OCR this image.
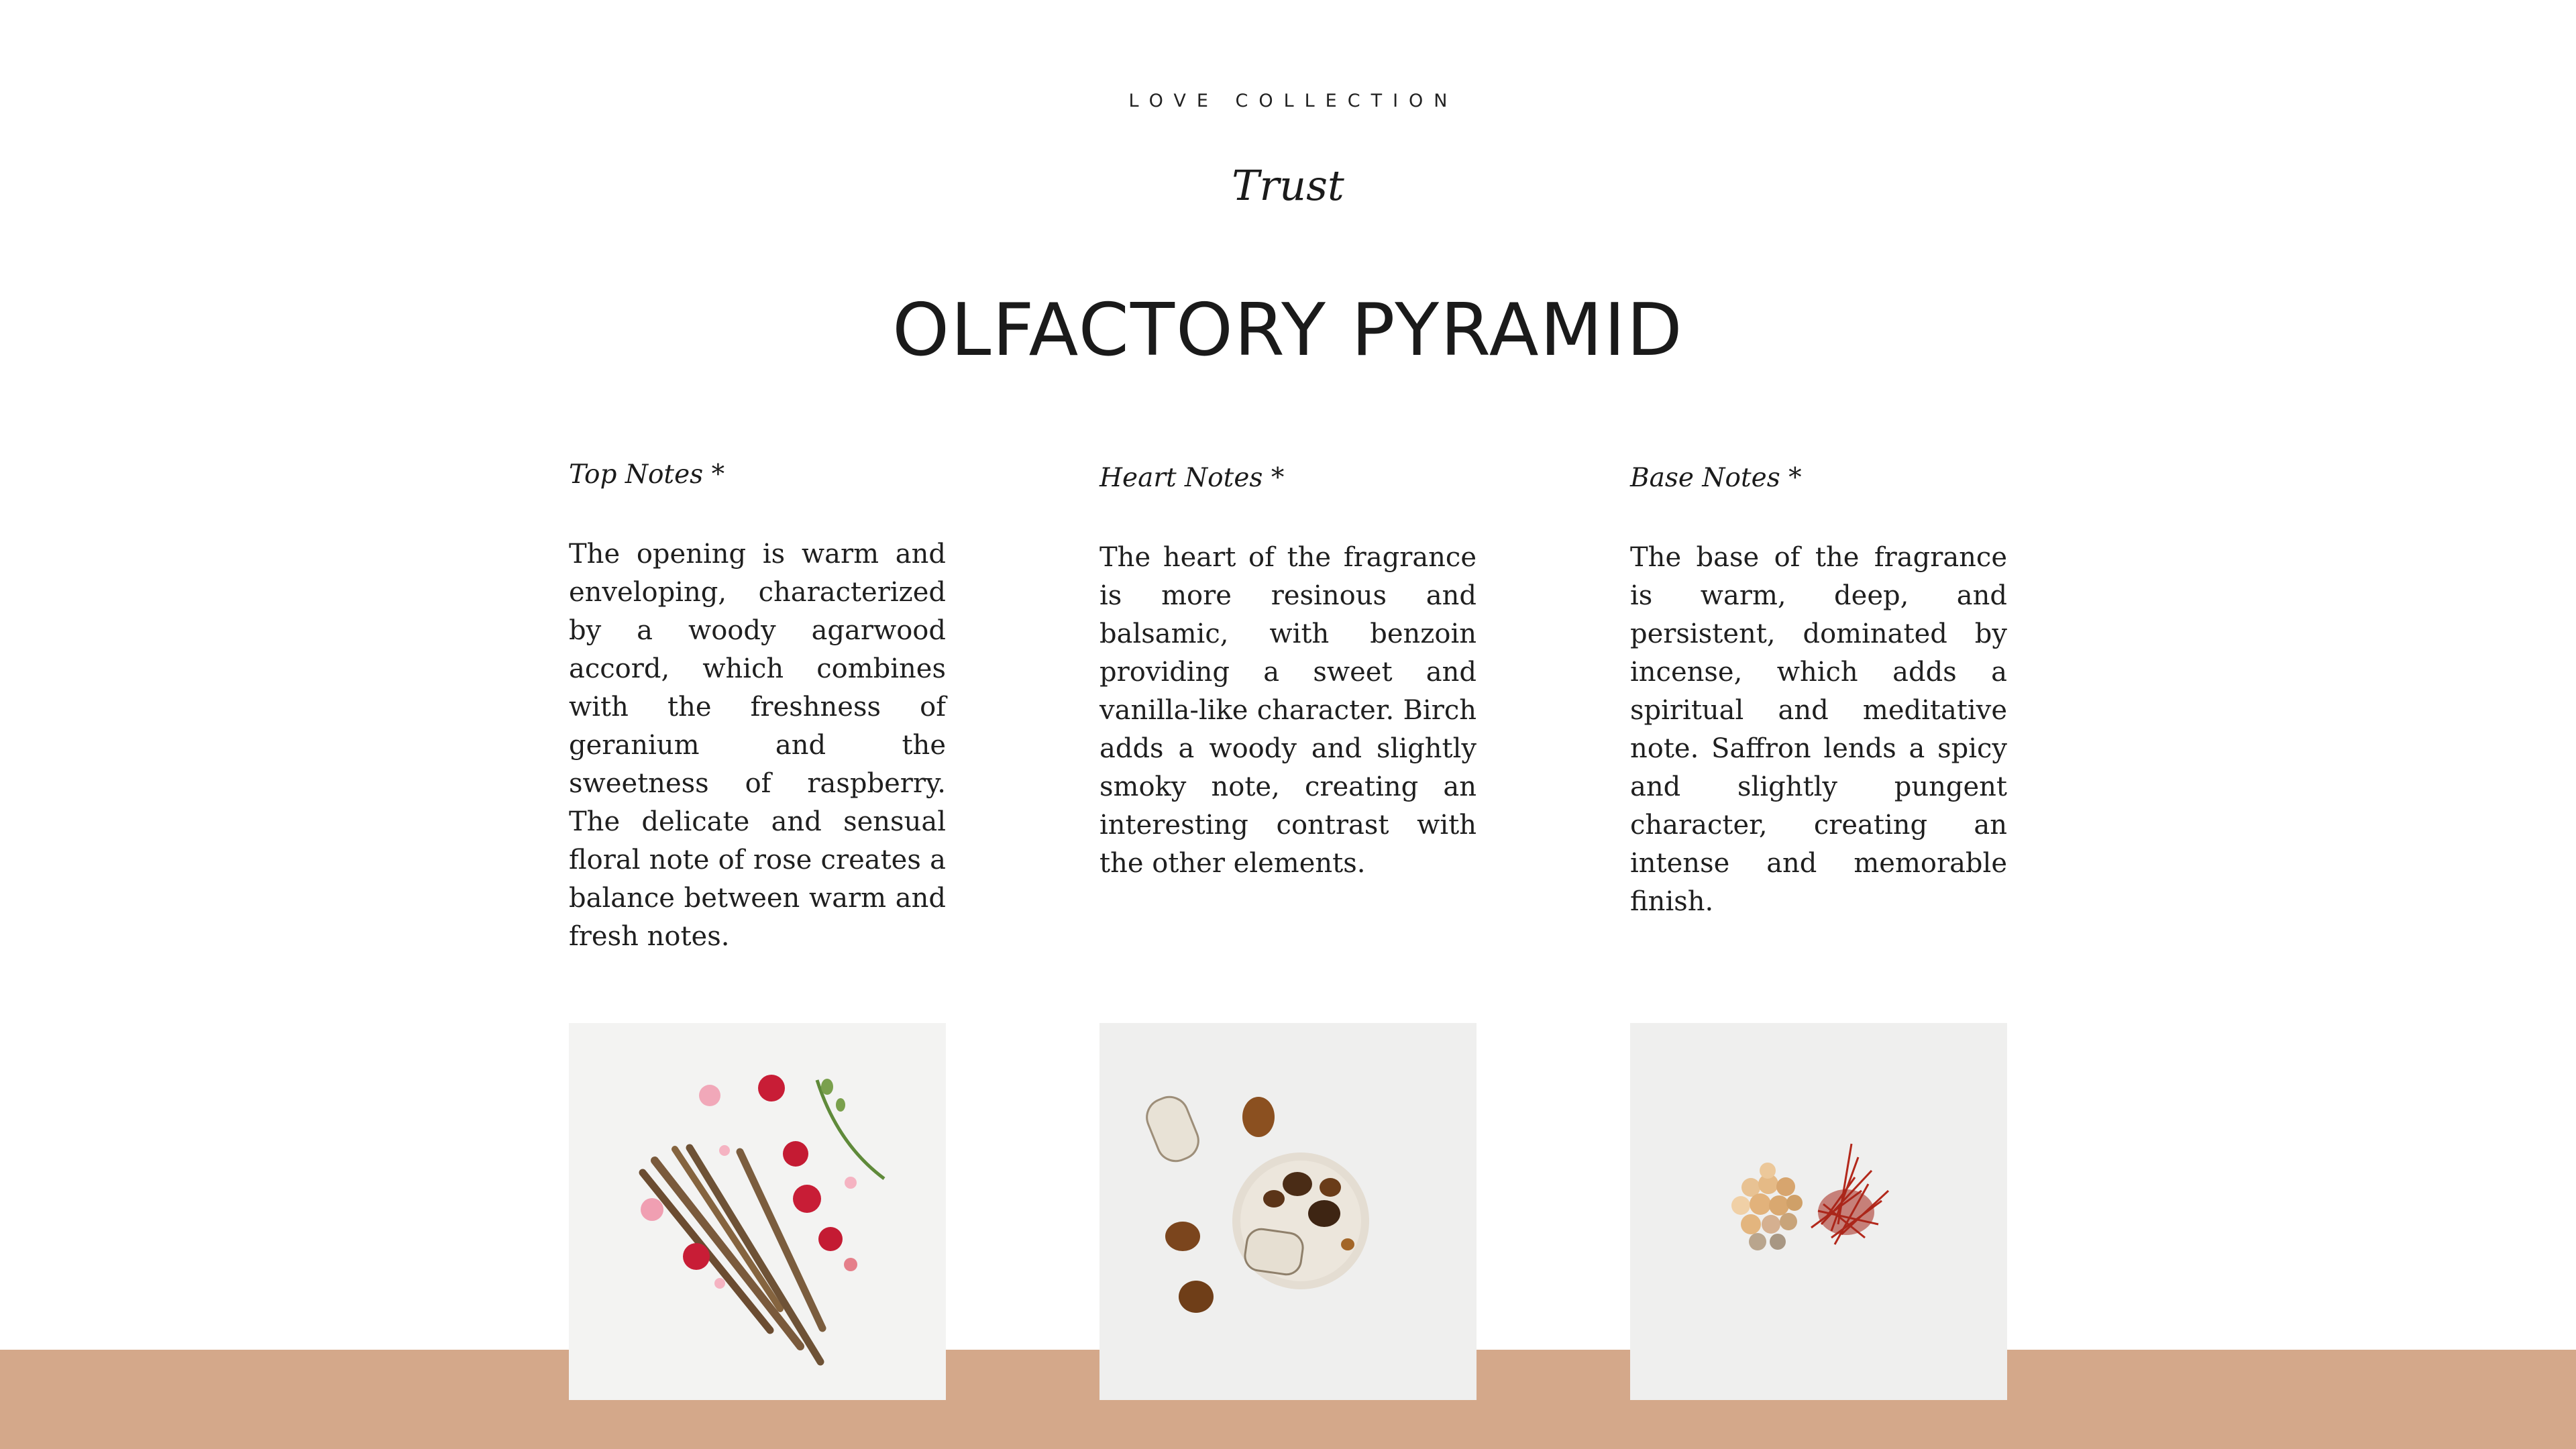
LOVE COLLECTION
Trust
OLFACTORY PYRAMID

Top Notes *

The opening is warm and enveloping, characterized by a woody agarwood accord, which combines with the freshness of geranium and the sweetness of raspberry. The delicate and sensual floral note of rose creates a balance between warm and fresh notes.

Heart Notes *

The heart of the fragrance is more resinous and balsamic, with benzoin providing a sweet and vanilla-like character. Birch adds a woody and slightly smoky note, creating an interesting contrast with the other elements.

Base Notes *

The base of the fragrance is warm, deep, and persistent, dominated by incense, which adds a spiritual and meditative note. Saffron lends a spicy and slightly pungent character, creating an intense and memorable finish.
